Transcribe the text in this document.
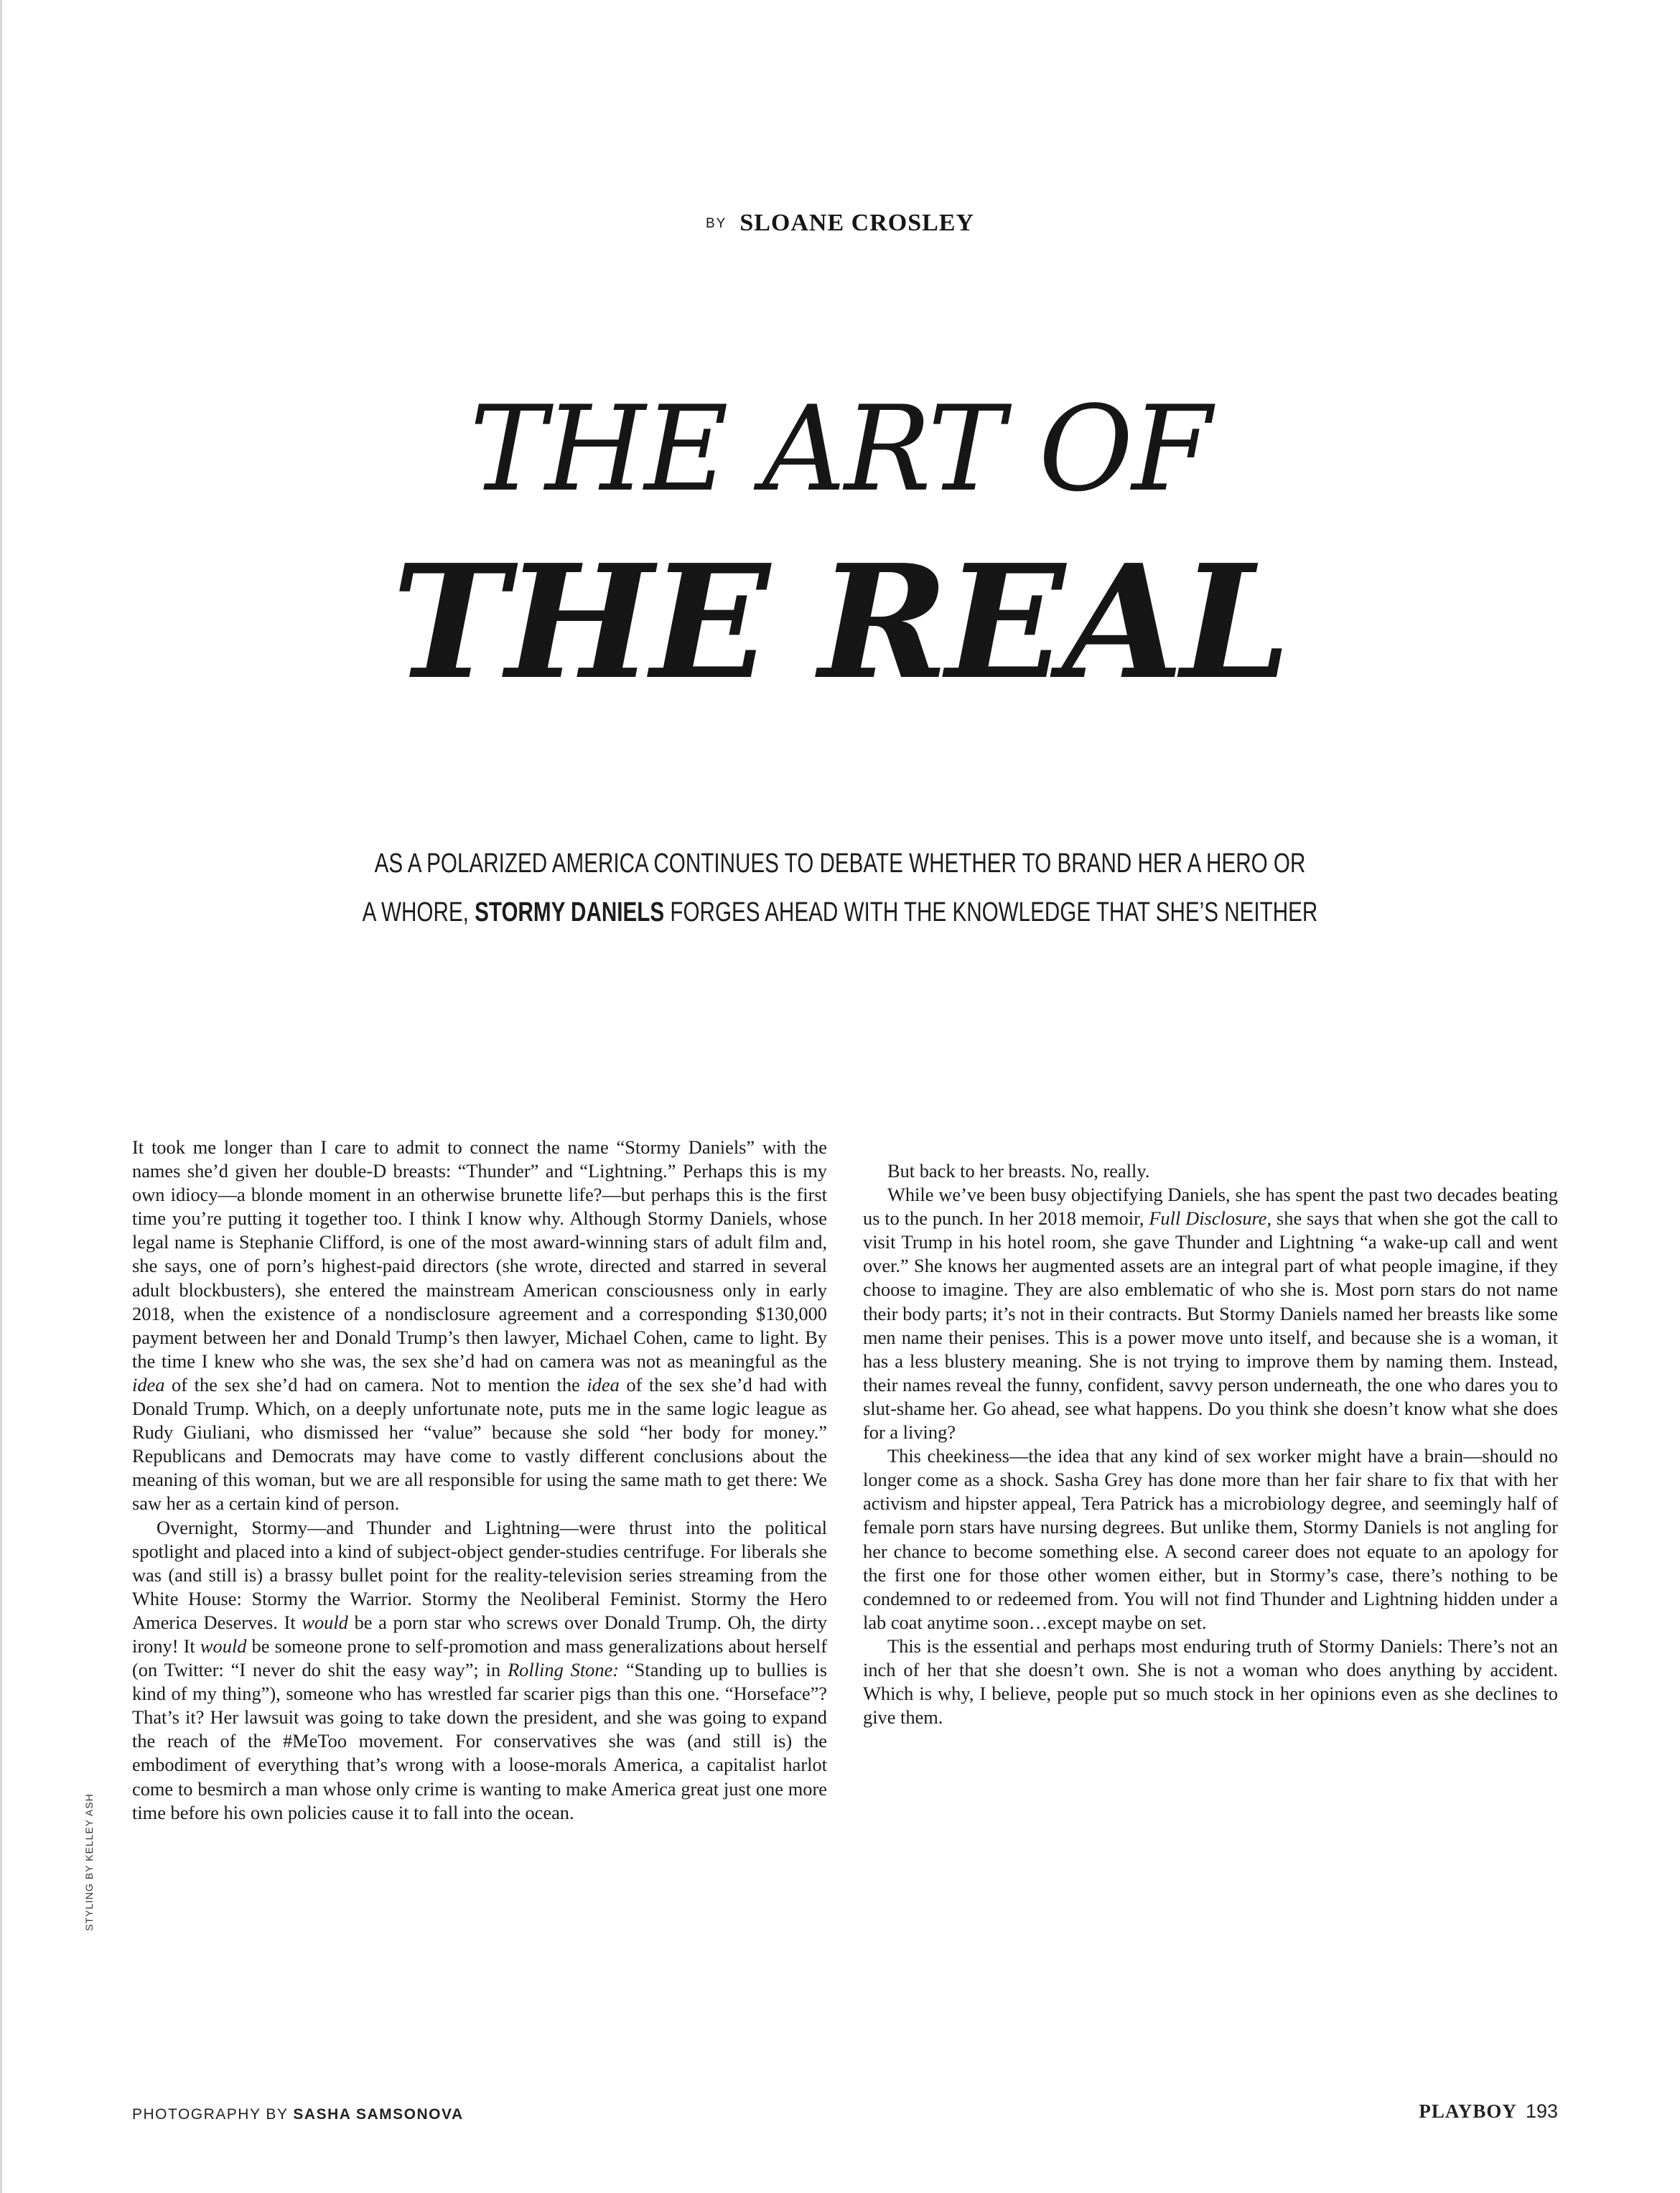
BY SLOANE CROSLEY
THE ART OF
THE REAL
AS A POLARIZED AMERICA CONTINUES TO DEBATE WHETHER TO BRAND HER A HERO OR
A WHORE, STORMY DANIELS FORGES AHEAD WITH THE KNOWLEDGE THAT SHE’S NEITHER

It took me longer than I care to admit to connect the name “Stormy Daniels” with the names she’d given her double-D breasts: “Thunder” and “Lightning.” Perhaps this is my own idiocy—a blonde moment in an otherwise brunette life?—but perhaps this is the first time you’re putting it together too. I think I know why. Although Stormy Daniels, whose legal name is Stephanie Clifford, is one of the most award-winning stars of adult film and, she says, one of porn’s highest-paid directors (she wrote, directed and starred in several adult blockbusters), she entered the mainstream American consciousness only in early 2018, when the existence of a nondisclosure agreement and a corresponding $130,000 payment between her and Donald Trump’s then lawyer, Michael Cohen, came to light. By the time I knew who she was, the sex she’d had on camera was not as meaningful as the idea of the sex she’d had on camera. Not to mention the idea of the sex she’d had with Donald Trump. Which, on a deeply unfortunate note, puts me in the same logic league as Rudy Giuliani, who dismissed her “value” because she sold “her body for money.” Republicans and Democrats may have come to vastly different conclusions about the meaning of this woman, but we are all responsible for using the same math to get there: We saw her as a certain kind of person.

Overnight, Stormy—and Thunder and Lightning—were thrust into the political spotlight and placed into a kind of subject-object gender-studies centrifuge. For liberals she was (and still is) a brassy bullet point for the reality-television series streaming from the White House: Stormy the Warrior. Stormy the Neoliberal Feminist. Stormy the Hero America Deserves. It would be a porn star who screws over Donald Trump. Oh, the dirty irony! It would be someone prone to self-promotion and mass generalizations about herself (on Twitter: “I never do shit the easy way”; in Rolling Stone: “Standing up to bullies is kind of my thing”), someone who has wrestled far scarier pigs than this one. “Horseface”? That’s it? Her lawsuit was going to take down the president, and she was going to expand the reach of the #MeToo movement. For conservatives she was (and still is) the embodiment of everything that’s wrong with a loose-morals America, a capitalist harlot come to besmirch a man whose only crime is wanting to make America great just one more time before his own policies cause it to fall into the ocean.

But back to her breasts. No, really.

While we’ve been busy objectifying Daniels, she has spent the past two decades beating us to the punch. In her 2018 memoir, Full Disclosure, she says that when she got the call to visit Trump in his hotel room, she gave Thunder and Lightning “a wake-up call and went over.” She knows her augmented assets are an integral part of what people imagine, if they choose to imagine. They are also emblematic of who she is. Most porn stars do not name their body parts; it’s not in their contracts. But Stormy Daniels named her breasts like some men name their penises. This is a power move unto itself, and because she is a woman, it has a less blustery meaning. She is not trying to improve them by naming them. Instead, their names reveal the funny, confident, savvy person underneath, the one who dares you to slut-shame her. Go ahead, see what happens. Do you think she doesn’t know what she does for a living?

This cheekiness—the idea that any kind of sex worker might have a brain—should no longer come as a shock. Sasha Grey has done more than her fair share to fix that with her activism and hipster appeal, Tera Patrick has a microbiology degree, and seemingly half of female porn stars have nursing degrees. But unlike them, Stormy Daniels is not angling for her chance to become something else. A second career does not equate to an apology for the first one for those other women either, but in Stormy’s case, there’s nothing to be condemned to or redeemed from. You will not find Thunder and Lightning hidden under a lab coat anytime soon…except maybe on set.

This is the essential and perhaps most enduring truth of Stormy Daniels: There’s not an inch of her that she doesn’t own. She is not a woman who does anything by accident. Which is why, I believe, people put so much stock in her opinions even as she declines to give them.

STYLING BY KELLEY ASH
PHOTOGRAPHY BY SASHA SAMSONOVA	PLAYBOY 193
